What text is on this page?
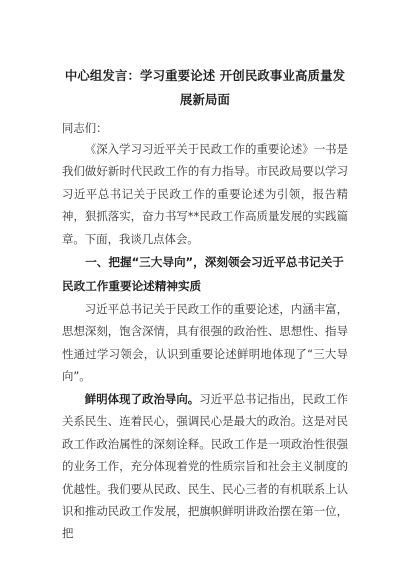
中心组发言：学习重要论述 开创民政事业高质量发展新局面
同志们：

《深入学习习近平关于民政工作的重要论述》一书是我们做好新时代民政工作的有力指导。市民政局要以学习习近平总书记关于民政工作的重要论述为引领，报告精神，狠抓落实，奋力书写**民政工作高质量发展的实践篇章。下面，我谈几点体会。

一、把握“三大导向”，深刻领会习近平总书记关于民政工作重要论述精神实质

习近平总书记关于民政工作的重要论述，内涵丰富，思想深刻，饱含深情，具有很强的政治性、思想性、指导性通过学习领会，认识到重要论述鲜明地体现了“三大导向”。

鲜明体现了政治导向。习近平总书记指出，民政工作关系民生、连着民心，强调民心是最大的政治。这是对民政工作政治属性的深刻诠释。民政工作是一项政治性很强的业务工作，充分体现着党的性质宗旨和社会主义制度的优越性。我们要从民政、民生、民心三者的有机联系上认识和推动民政工作发展，把旗帜鲜明讲政治摆在第一位，把
